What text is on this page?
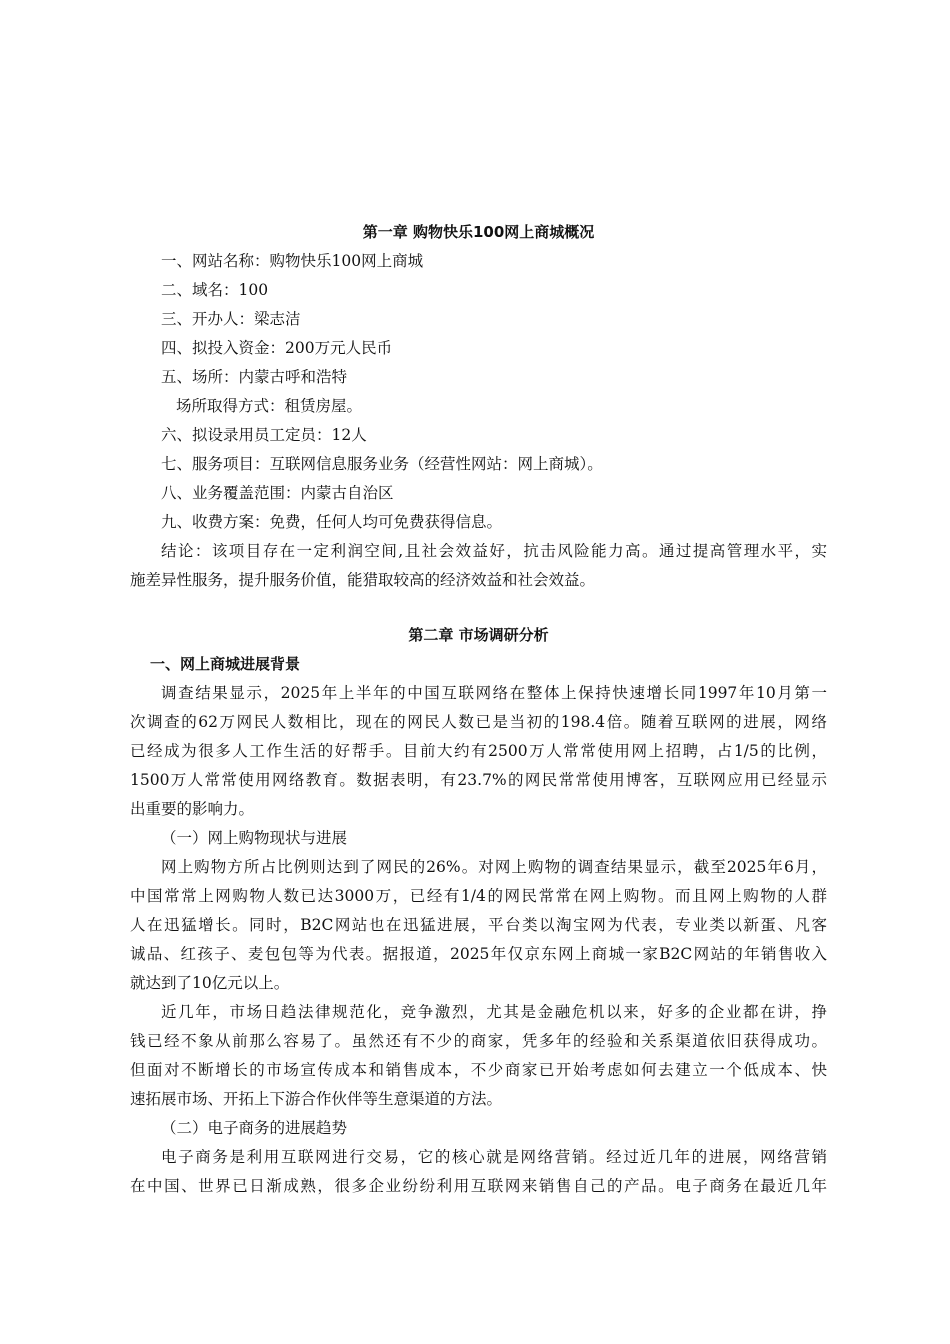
第一章 购物快乐100网上商城概况
一、网站名称：购物快乐100网上商城
二、域名：100
三、开办人：梁志洁
四、拟投入资金：200万元人民币
五、场所：内蒙古呼和浩特
场所取得方式：租赁房屋。
六、拟设录用员工定员：12人
七、服务项目：互联网信息服务业务（经营性网站：网上商城）。
八、业务覆盖范围：内蒙古自治区
九、收费方案：免费，任何人均可免费获得信息。
结论：该项目存在一定利润空间,且社会效益好，抗击风险能力高。通过提高管理水平，实
施差异性服务，提升服务价值，能猎取较高的经济效益和社会效益。
第二章 市场调研分析
一、网上商城进展背景
调查结果显示，2025年上半年的中国互联网络在整体上保持快速增长同1997年10月第一
次调查的62万网民人数相比，现在的网民人数已是当初的198.4倍。随着互联网的进展，网络
已经成为很多人工作生活的好帮手。目前大约有2500万人常常使用网上招聘，占1/5的比例，
1500万人常常使用网络教育。数据表明，有23.7%的网民常常使用博客，互联网应用已经显示
出重要的影响力。
（一）网上购物现状与进展
网上购物方所占比例则达到了网民的26%。对网上购物的调查结果显示，截至2025年6月，
中国常常上网购物人数已达3000万，已经有1/4的网民常常在网上购物。而且网上购物的人群
人在迅猛增长。同时，B2C网站也在迅猛进展，平台类以淘宝网为代表，专业类以新蛋、凡客
诚品、红孩子、麦包包等为代表。据报道，2025年仅京东网上商城一家B2C网站的年销售收入
就达到了10亿元以上。
近几年，市场日趋法律规范化，竞争激烈，尤其是金融危机以来，好多的企业都在讲，挣
钱已经不象从前那么容易了。虽然还有不少的商家，凭多年的经验和关系渠道依旧获得成功。
但面对不断增长的市场宣传成本和销售成本，不少商家已开始考虑如何去建立一个低成本、快
速拓展市场、开拓上下游合作伙伴等生意渠道的方法。
（二）电子商务的进展趋势
电子商务是利用互联网进行交易，它的核心就是网络营销。经过近几年的进展，网络营销
在中国、世界已日渐成熟，很多企业纷纷利用互联网来销售自己的产品。电子商务在最近几年
